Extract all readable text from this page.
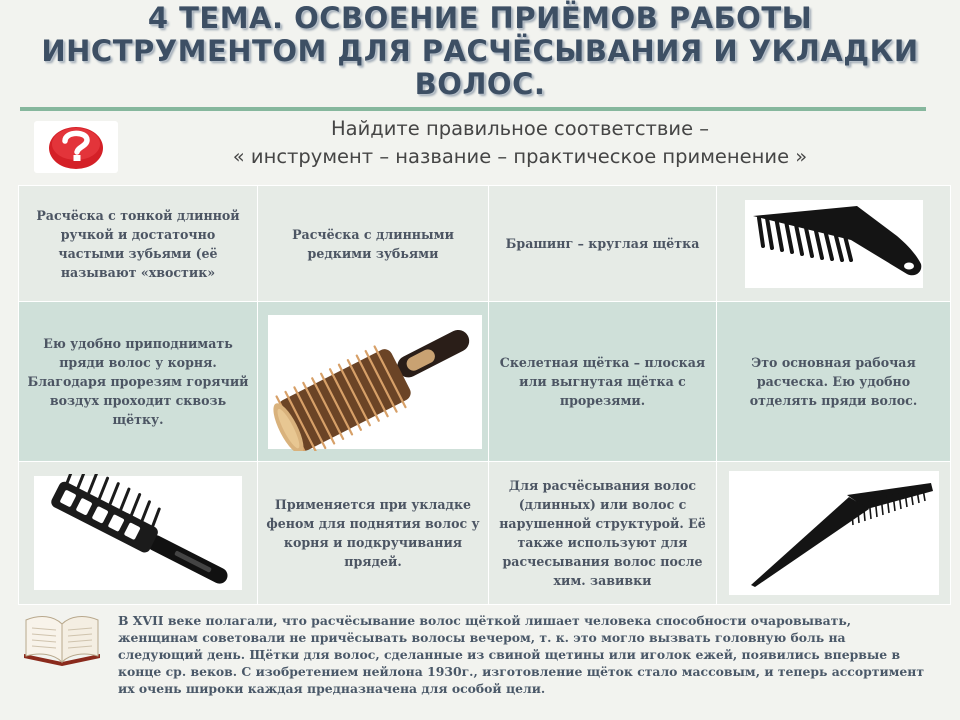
4 ТЕМА. ОСВОЕНИЕ ПРИЁМОВ РАБОТЫ ИНСТРУМЕНТОМ ДЛЯ РАСЧЁСЫВАНИЯ И УКЛАДКИ ВОЛОС.
Найдите правильное соответствие –
« инструмент – название – практическое применение »
Расчёска с тонкой длинной ручкой и достаточно частыми зубьями (её называют «хвостик»	Расчёска с длинными редкими зубьями	Брашинг – круглая щётка	

Ею удобно приподнимать пряди волос у корня. Благодаря прорезям горячий воздух проходит сквозь щётку.		Скелетная щётка – плоская или выгнутая щётка с прорезями.	Это основная рабочая расческа. Ею удобно отделять пряди волос.

	Применяется при укладке феном для поднятия волос у корня и подкручивания прядей.	Для расчёсывания волос (длинных) или волос с нарушенной структурой. Её также используют для расчесывания волос после хим. завивки	

В XVII веке полагали, что расчёсывание волос щёткой лишает человека способности очаровывать, женщинам советовали не причёсывать волосы вечером, т. к. это могло вызвать головную боль на следующий день. Щётки для волос, сделанные из свиной щетины или иголок ежей, появились впервые в конце ср. веков. С изобретением нейлона 1930г., изготовление щёток стало массовым, и теперь ассортимент их очень широки каждая предназначена для особой цели.
